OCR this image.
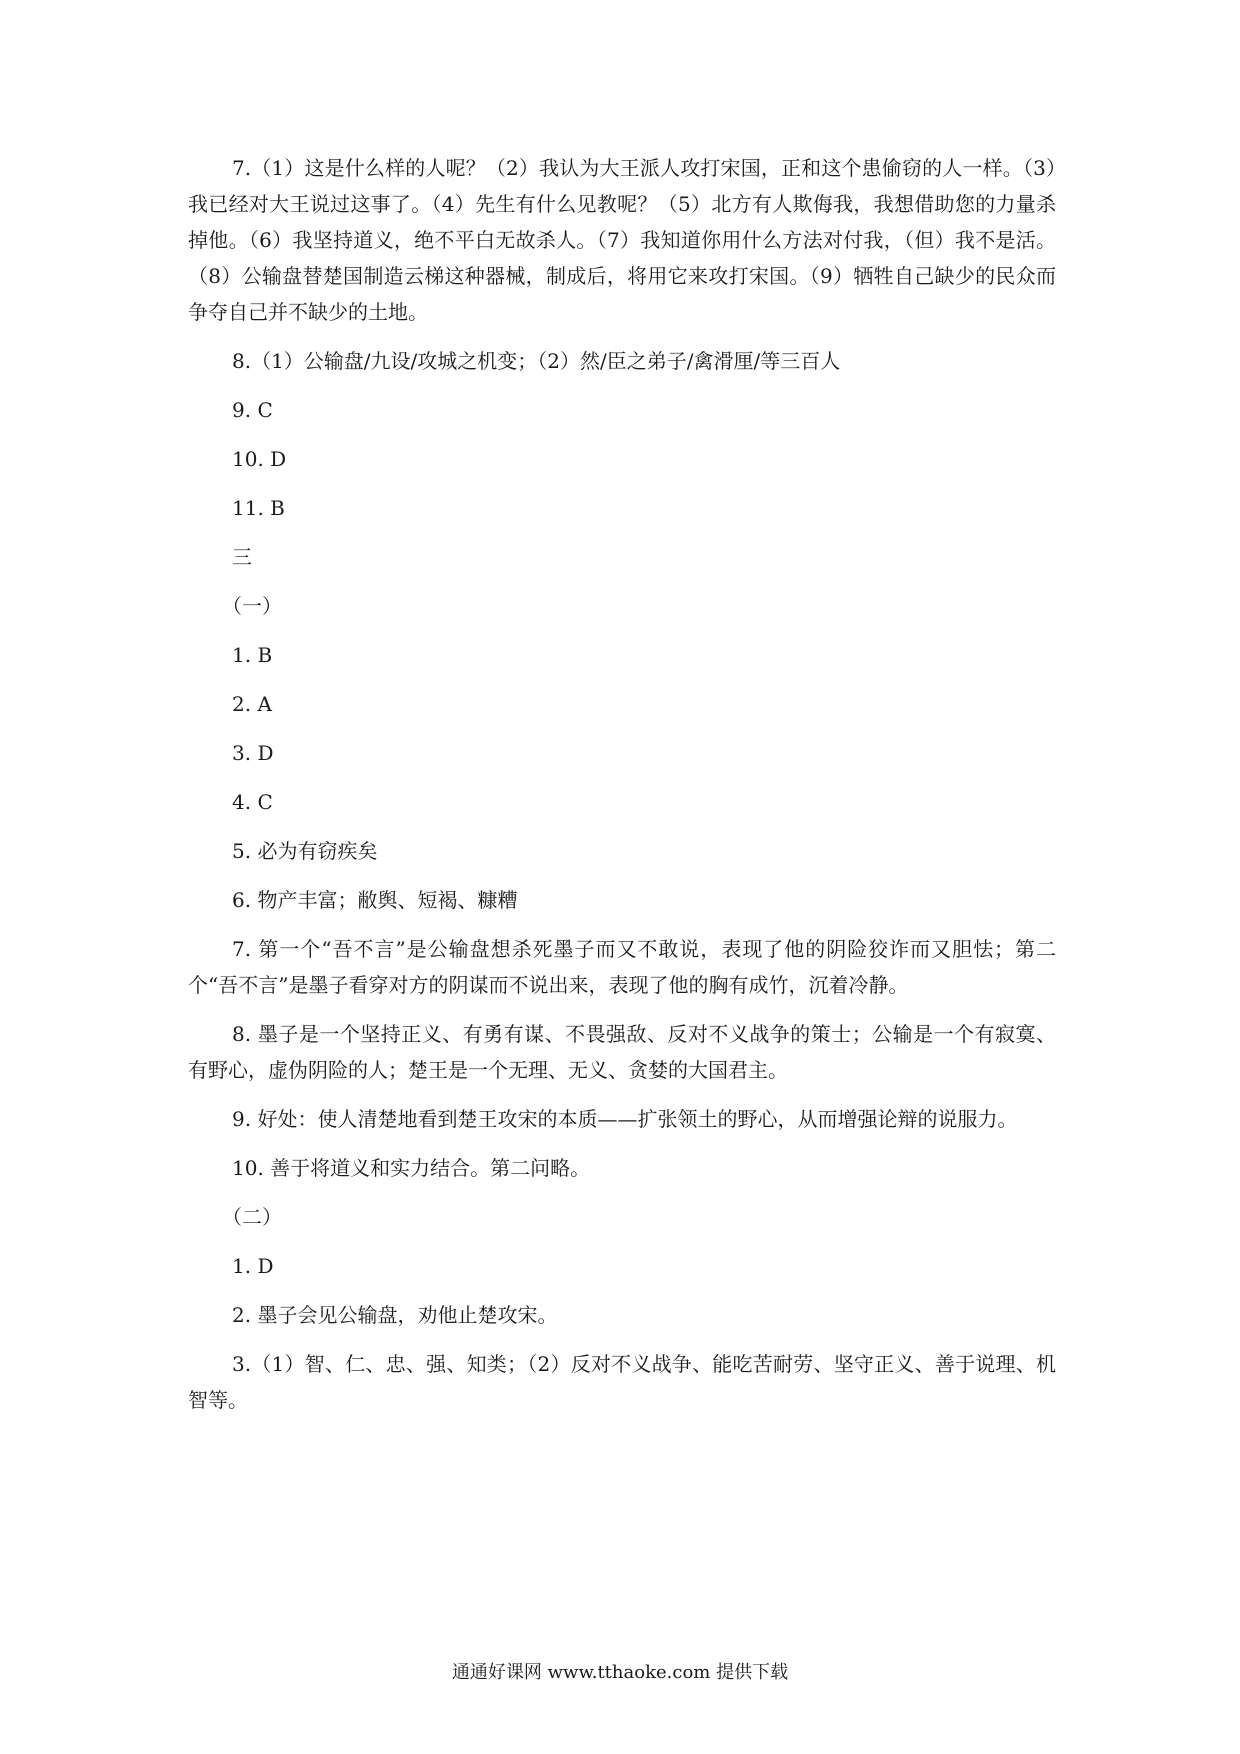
7.（1）这是什么样的人呢？（2）我认为大王派人攻打宋国，正和这个患偷窃的人一样。（3）我已经对大王说过这事了。（4）先生有什么见教呢？（5）北方有人欺侮我，我想借助您的力量杀掉他。（6）我坚持道义，绝不平白无故杀人。（7）我知道你用什么方法对付我，（但）我不是活。（8）公输盘替楚国制造云梯这种器械，制成后，将用它来攻打宋国。（9）牺牲自己缺少的民众而争夺自己并不缺少的土地。

8.（1）公输盘/九设/攻城之机变；（2）然/臣之弟子/禽滑厘/等三百人

9. C

10. D

11. B

三

（一）

1. B

2. A

3. D

4. C

5. 必为有窃疾矣

6. 物产丰富；敝舆、短褐、糠糟

7. 第一个“吾不言”是公输盘想杀死墨子而又不敢说，表现了他的阴险狡诈而又胆怯；第二个“吾不言”是墨子看穿对方的阴谋而不说出来，表现了他的胸有成竹，沉着冷静。

8. 墨子是一个坚持正义、有勇有谋、不畏强敌、反对不义战争的策士；公输是一个有寂寞、有野心，虚伪阴险的人；楚王是一个无理、无义、贪婪的大国君主。

9. 好处：使人清楚地看到楚王攻宋的本质——扩张领土的野心，从而增强论辩的说服力。

10. 善于将道义和实力结合。第二问略。

（二）

1. D

2. 墨子会见公输盘，劝他止楚攻宋。

3.（1）智、仁、忠、强、知类；（2）反对不义战争、能吃苦耐劳、坚守正义、善于说理、机智等。

通通好课网 www.tthaoke.com 提供下载
